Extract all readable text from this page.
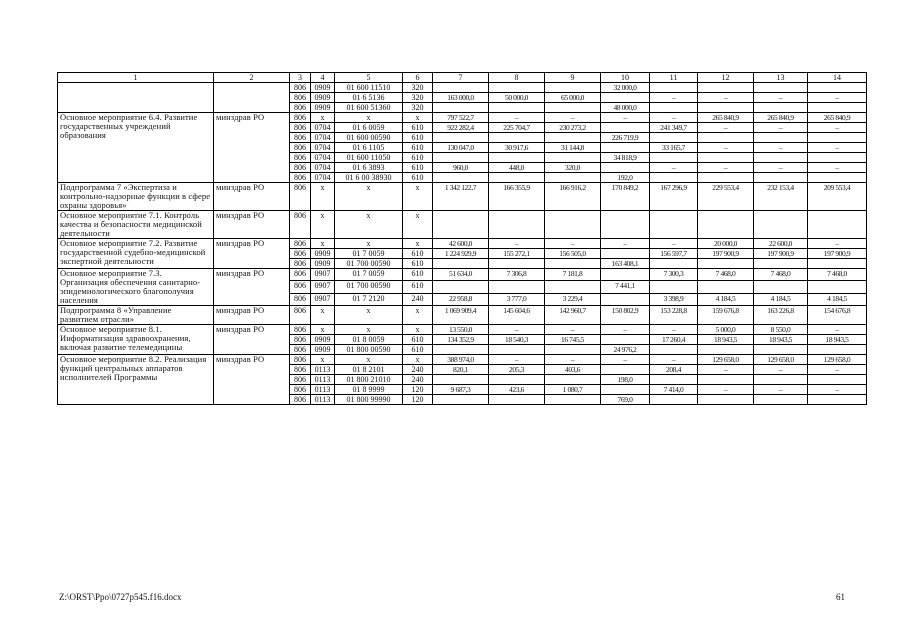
1	2	3	4	5	6	7	8	9	10	11	12	13	14
		806	0909	01 600 11510	320				32 000,0				
		806	0909	01 6 5136	320	163 000,0	50 000,0	65 000,0		–	–	–	–
		806	0909	01 600 51360	320				48 000,0				
Основное мероприятие 6.4. Развитие государственных учреждений образования	минздрав РО	806	x	x	x	797 522,7	–	–	–	–	265 840,9	265 840,9	265 840,9
		806	0704	01 6 0059	610	922 282,4	225 704,7	230 273,2		241 349,7	–	–	–
		806	0704	01 600 00590	610				226 719,9				
		806	0704	01 6 1105	610	130 047,0	30 917,6	31 144,8		33 165,7	–	–	–
		806	0704	01 600 11050	610				34 818,9				
		806	0704	01 6 3893	610	960,0	448,0	320,0		–	–	–	–
		806	0704	01 6 00 38930	610				192,0				
Подпрограмма 7 «Экспертиза и контрольно-надзорные функции в сфере охраны здоровья»	минздрав РО	806	x	x	x	1 342 122,7	166 355,9	166 916,2	170 849,2	167 296,9	229 553,4	232 153,4	209 553,4
Основное мероприятие 7.1. Контроль качества и безопасности медицинской деятельности	минздрав РО	806	x	x	x								
Основное мероприятие 7.2. Развитие государственной судебно-медицинской экспертной деятельности	минздрав РО	806	x	x	x	42 600,0	–	–	–	–	20 000,0	22 600,0	–
		806	0909	01 7 0059	610	1 224 929,9	155 272,1	156 505,0		156 597,7	197 900,9	197 900,9	197 900,9
		806	0909	01 700 00590	610				163 408,1				
Основное мероприятие 7.3. Организация обеспечения санитарно-эпидемиологического благополучия населения	минздрав РО	806	0907	01 7 0059	610	51 634,0	7 306,8	7 181,8		7 300,3	7 468,0	7 468,0	7 468,0
		806	0907	01 700 00590	610				7 441,1				
		806	0907	01 7 2120	240	22 958,8	3 777,0	3 229,4		3 398,9	4 184,5	4 184,5	4 184,5
Подпрограмма 8 «Управление развитием отрасли»	минздрав РО	806	x	x	x	1 069 909,4	145 604,6	142 960,7	150 802,9	153 228,8	159 676,8	163 226,8	154 676,8
Основное мероприятие 8.1. Информатизация здравоохранения, включая развитие телемедицины	минздрав РО	806	x	x	x	13 550,0	–	–	–	–	5 000,0	8 550,0	–
		806	0909	01 8 0059	610	134 352,9	18 540,3	16 745,5		17 260,4	18 943,5	18 943,5	18 943,5
		806	0909	01 800 00590	610				24 976,2				
Основное мероприятие 8.2. Реализация функций центральных аппаратов исполнителей Программы	минздрав РО	806	x	x	x	388 974,0	–	–	–	–	129 658,0	129 658,0	129 658,0
		806	0113	01 8 2101	240	820,1	205,3	403,6		208,4	–	–	–
		806	0113	01 800 21010	240				198,0				
		806	0113	01 8 9999	120	9 687,3	423,6	1 080,7		7 414,0	–	–	–
		806	0113	01 800 99990	120				769,0				
Z:\ORST\Ppo\0727p545.f16.docx	61
